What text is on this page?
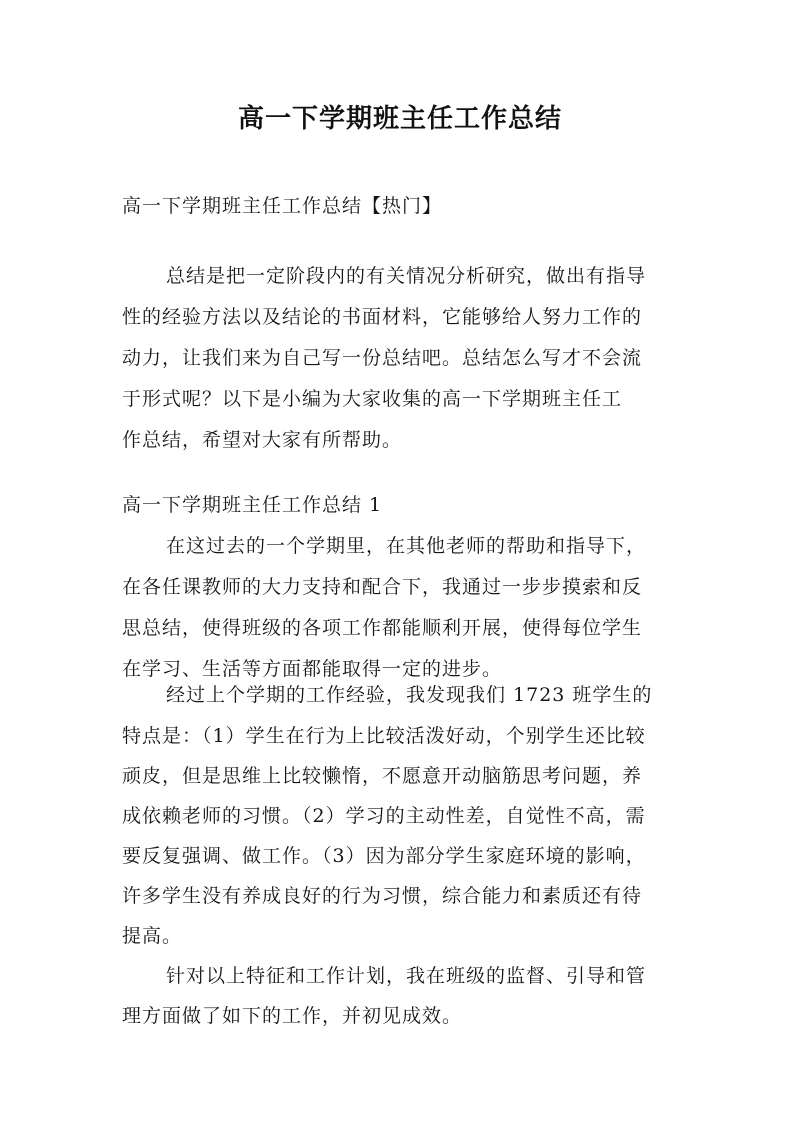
高一下学期班主任工作总结
高一下学期班主任工作总结【热门】
总结是把一定阶段内的有关情况分析研究，做出有指导
性的经验方法以及结论的书面材料，它能够给人努力工作的
动力，让我们来为自己写一份总结吧。总结怎么写才不会流
于形式呢？以下是小编为大家收集的高一下学期班主任工
作总结，希望对大家有所帮助。
高一下学期班主任工作总结 1
在这过去的一个学期里，在其他老师的帮助和指导下，
在各任课教师的大力支持和配合下，我通过一步步摸索和反
思总结，使得班级的各项工作都能顺利开展，使得每位学生
在学习、生活等方面都能取得一定的进步。
经过上个学期的工作经验，我发现我们 1723 班学生的
特点是：（1）学生在行为上比较活泼好动，个别学生还比较
顽皮，但是思维上比较懒惰，不愿意开动脑筋思考问题，养
成依赖老师的习惯。（2）学习的主动性差，自觉性不高，需
要反复强调、做工作。（3）因为部分学生家庭环境的影响，
许多学生没有养成良好的行为习惯，综合能力和素质还有待
提高。
针对以上特征和工作计划，我在班级的监督、引导和管
理方面做了如下的工作，并初见成效。
